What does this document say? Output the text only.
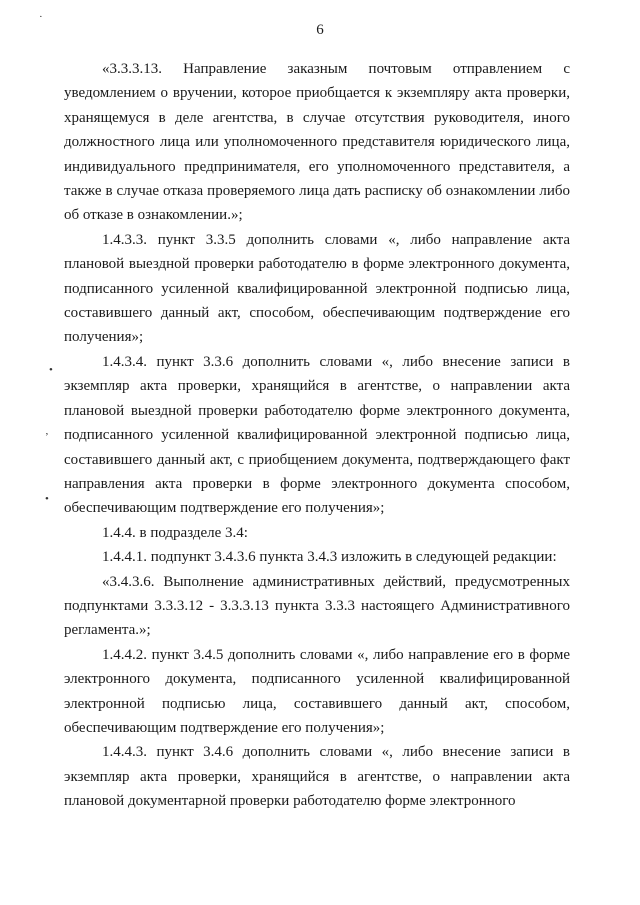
·
•
ʼ
•
6

«3.3.3.13. Направление заказным почтовым отправлением с уведомлением о вручении, которое приобщается к экземпляру акта проверки, хранящемуся в деле агентства, в случае отсутствия руководителя, иного должностного лица или уполномоченного представителя юридического лица, индивидуального предпринимателя, его уполномоченного представителя, а также в случае отказа проверяемого лица дать расписку об ознакомлении либо об отказе в ознакомлении.»;

1.4.3.3. пункт 3.3.5 дополнить словами «, либо направление акта плановой выездной проверки работодателю в форме электронного документа, подписанного усиленной квалифицированной электронной подписью лица, составившего данный акт, способом, обеспечивающим подтверждение его получения»;

1.4.3.4. пункт 3.3.6 дополнить словами «, либо внесение записи в экземпляр акта проверки, хранящийся в агентстве, о направлении акта плановой выездной проверки работодателю форме электронного документа, подписанного усиленной квалифицированной электронной подписью лица, составившего данный акт, с приобщением документа, подтверждающего факт направления акта проверки в форме электронного документа способом, обеспечивающим подтверждение его получения»;

1.4.4. в подразделе 3.4:

1.4.4.1. подпункт 3.4.3.6 пункта 3.4.3 изложить в следующей редакции:

«3.4.3.6. Выполнение административных действий, предусмотренных подпунктами 3.3.3.12 - 3.3.3.13 пункта 3.3.3 настоящего Административного регламента.»;

1.4.4.2. пункт 3.4.5 дополнить словами «, либо направление его в форме электронного документа, подписанного усиленной квалифицированной электронной подписью лица, составившего данный акт, способом, обеспечивающим подтверждение его получения»;

1.4.4.3. пункт 3.4.6 дополнить словами «, либо внесение записи в экземпляр акта проверки, хранящийся в агентстве, о направлении акта плановой документарной проверки работодателю форме электронного
